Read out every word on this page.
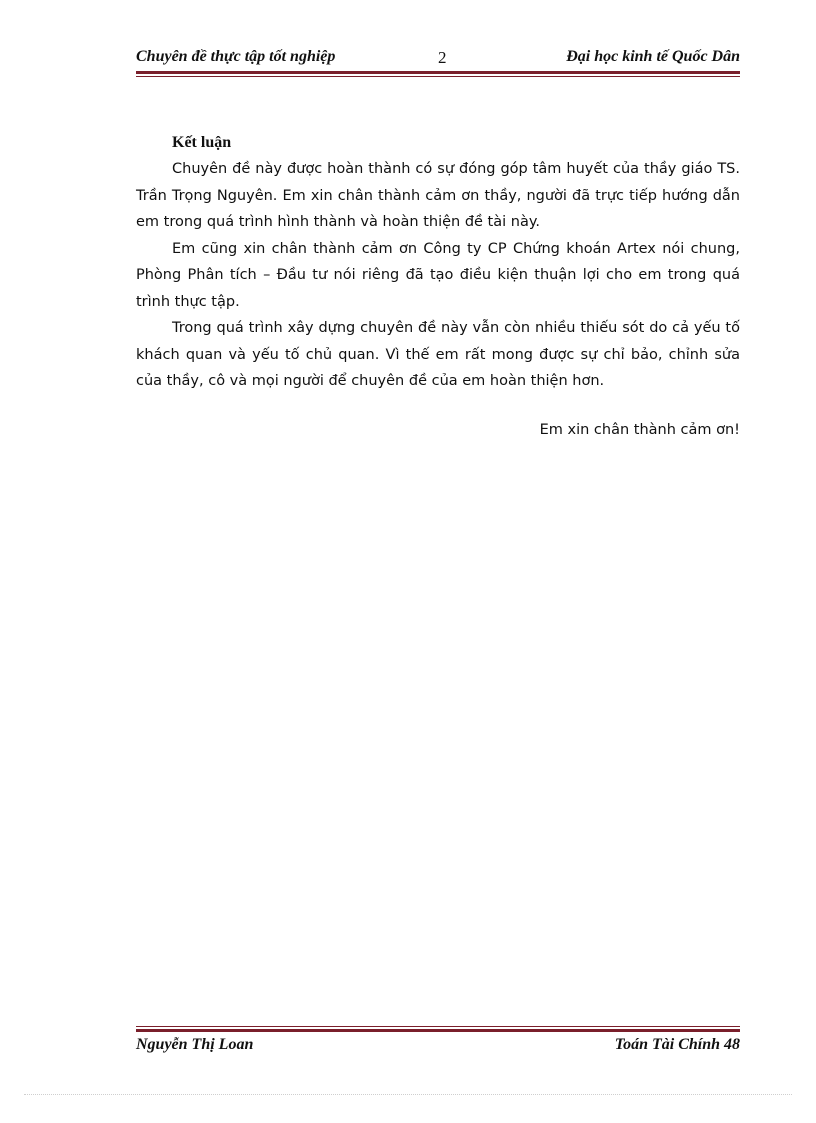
Chuyên đề thực tập tốt nghiệp	2	Đại học kinh tế Quốc Dân

Kết luận

Chuyên đề này được hoàn thành có sự đóng góp tâm huyết của thầy giáo TS. Trần Trọng Nguyên. Em xin chân thành cảm ơn thầy, người đã trực tiếp hướng dẫn em trong quá trình hình thành và hoàn thiện đề tài này.

Em cũng xin chân thành cảm ơn Công ty CP Chứng khoán Artex nói chung, Phòng Phân tích – Đầu tư nói riêng đã tạo điều kiện thuận lợi cho em trong quá trình thực tập.

Trong quá trình xây dựng chuyên đề này vẫn còn nhiều thiếu sót do cả yếu tố khách quan và yếu tố chủ quan. Vì thế em rất mong được sự chỉ bảo, chỉnh sửa của thầy, cô và mọi người để chuyên đề của em hoàn thiện hơn.

Em xin chân thành cảm ơn!

Nguyễn Thị Loan	Toán Tài Chính 48
